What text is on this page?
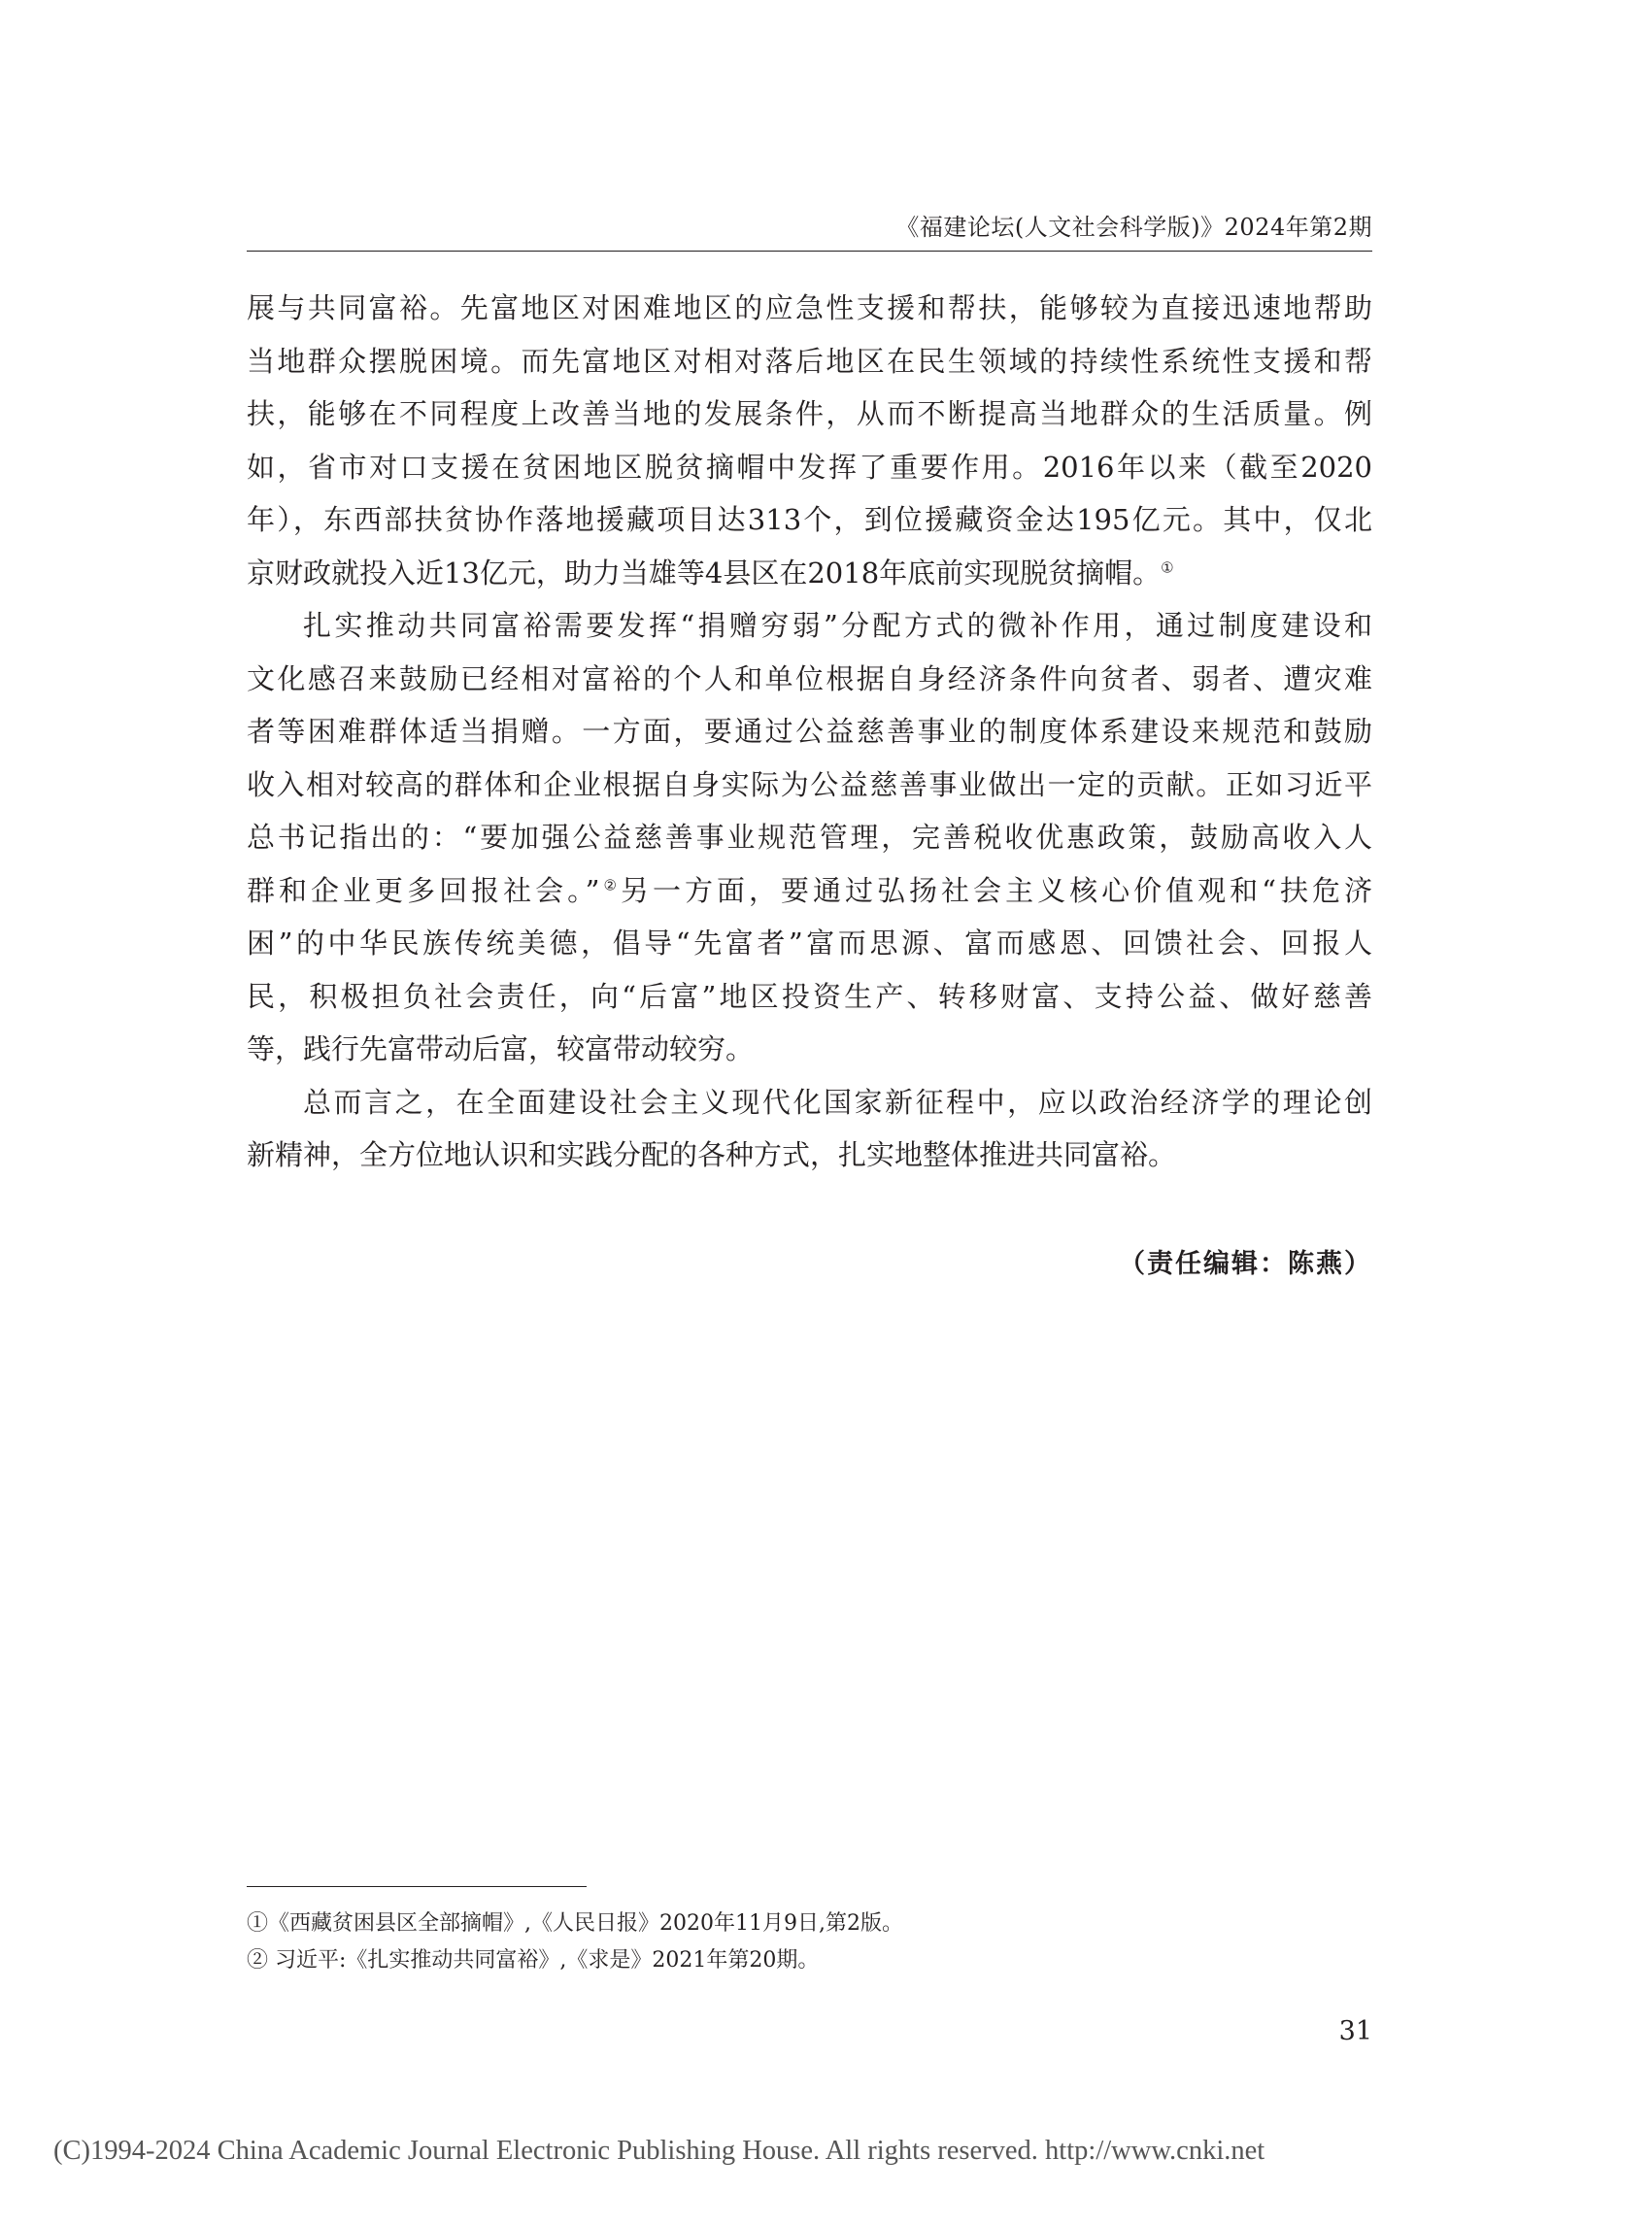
《福建论坛(人文社会科学版)》2024年第2期
展与共同富裕。先富地区对困难地区的应急性支援和帮扶，能够较为直接迅速地帮助
当地群众摆脱困境。而先富地区对相对落后地区在民生领域的持续性系统性支援和帮
扶，能够在不同程度上改善当地的发展条件，从而不断提高当地群众的生活质量。例
如，省市对口支援在贫困地区脱贫摘帽中发挥了重要作用。2016年以来（截至2020
年），东西部扶贫协作落地援藏项目达313个，到位援藏资金达195亿元。其中，仅北
京财政就投入近13亿元，助力当雄等4县区在2018年底前实现脱贫摘帽。①
扎实推动共同富裕需要发挥“捐赠穷弱”分配方式的微补作用，通过制度建设和
文化感召来鼓励已经相对富裕的个人和单位根据自身经济条件向贫者、弱者、遭灾难
者等困难群体适当捐赠。一方面，要通过公益慈善事业的制度体系建设来规范和鼓励
收入相对较高的群体和企业根据自身实际为公益慈善事业做出一定的贡献。正如习近平
总书记指出的：“要加强公益慈善事业规范管理，完善税收优惠政策，鼓励高收入人
群和企业更多回报社会。”②另一方面，要通过弘扬社会主义核心价值观和“扶危济
困”的中华民族传统美德，倡导“先富者”富而思源、富而感恩、回馈社会、回报人
民，积极担负社会责任，向“后富”地区投资生产、转移财富、支持公益、做好慈善
等，践行先富带动后富，较富带动较穷。
总而言之，在全面建设社会主义现代化国家新征程中，应以政治经济学的理论创
新精神，全方位地认识和实践分配的各种方式，扎实地整体推进共同富裕。
（责任编辑：陈燕）
①《西藏贫困县区全部摘帽》,《人民日报》2020年11月9日,第2版。
② 习近平:《扎实推动共同富裕》,《求是》2021年第20期。
31
(C)1994-2024 China Academic Journal Electronic Publishing House. All rights reserved. http://www.cnki.net
